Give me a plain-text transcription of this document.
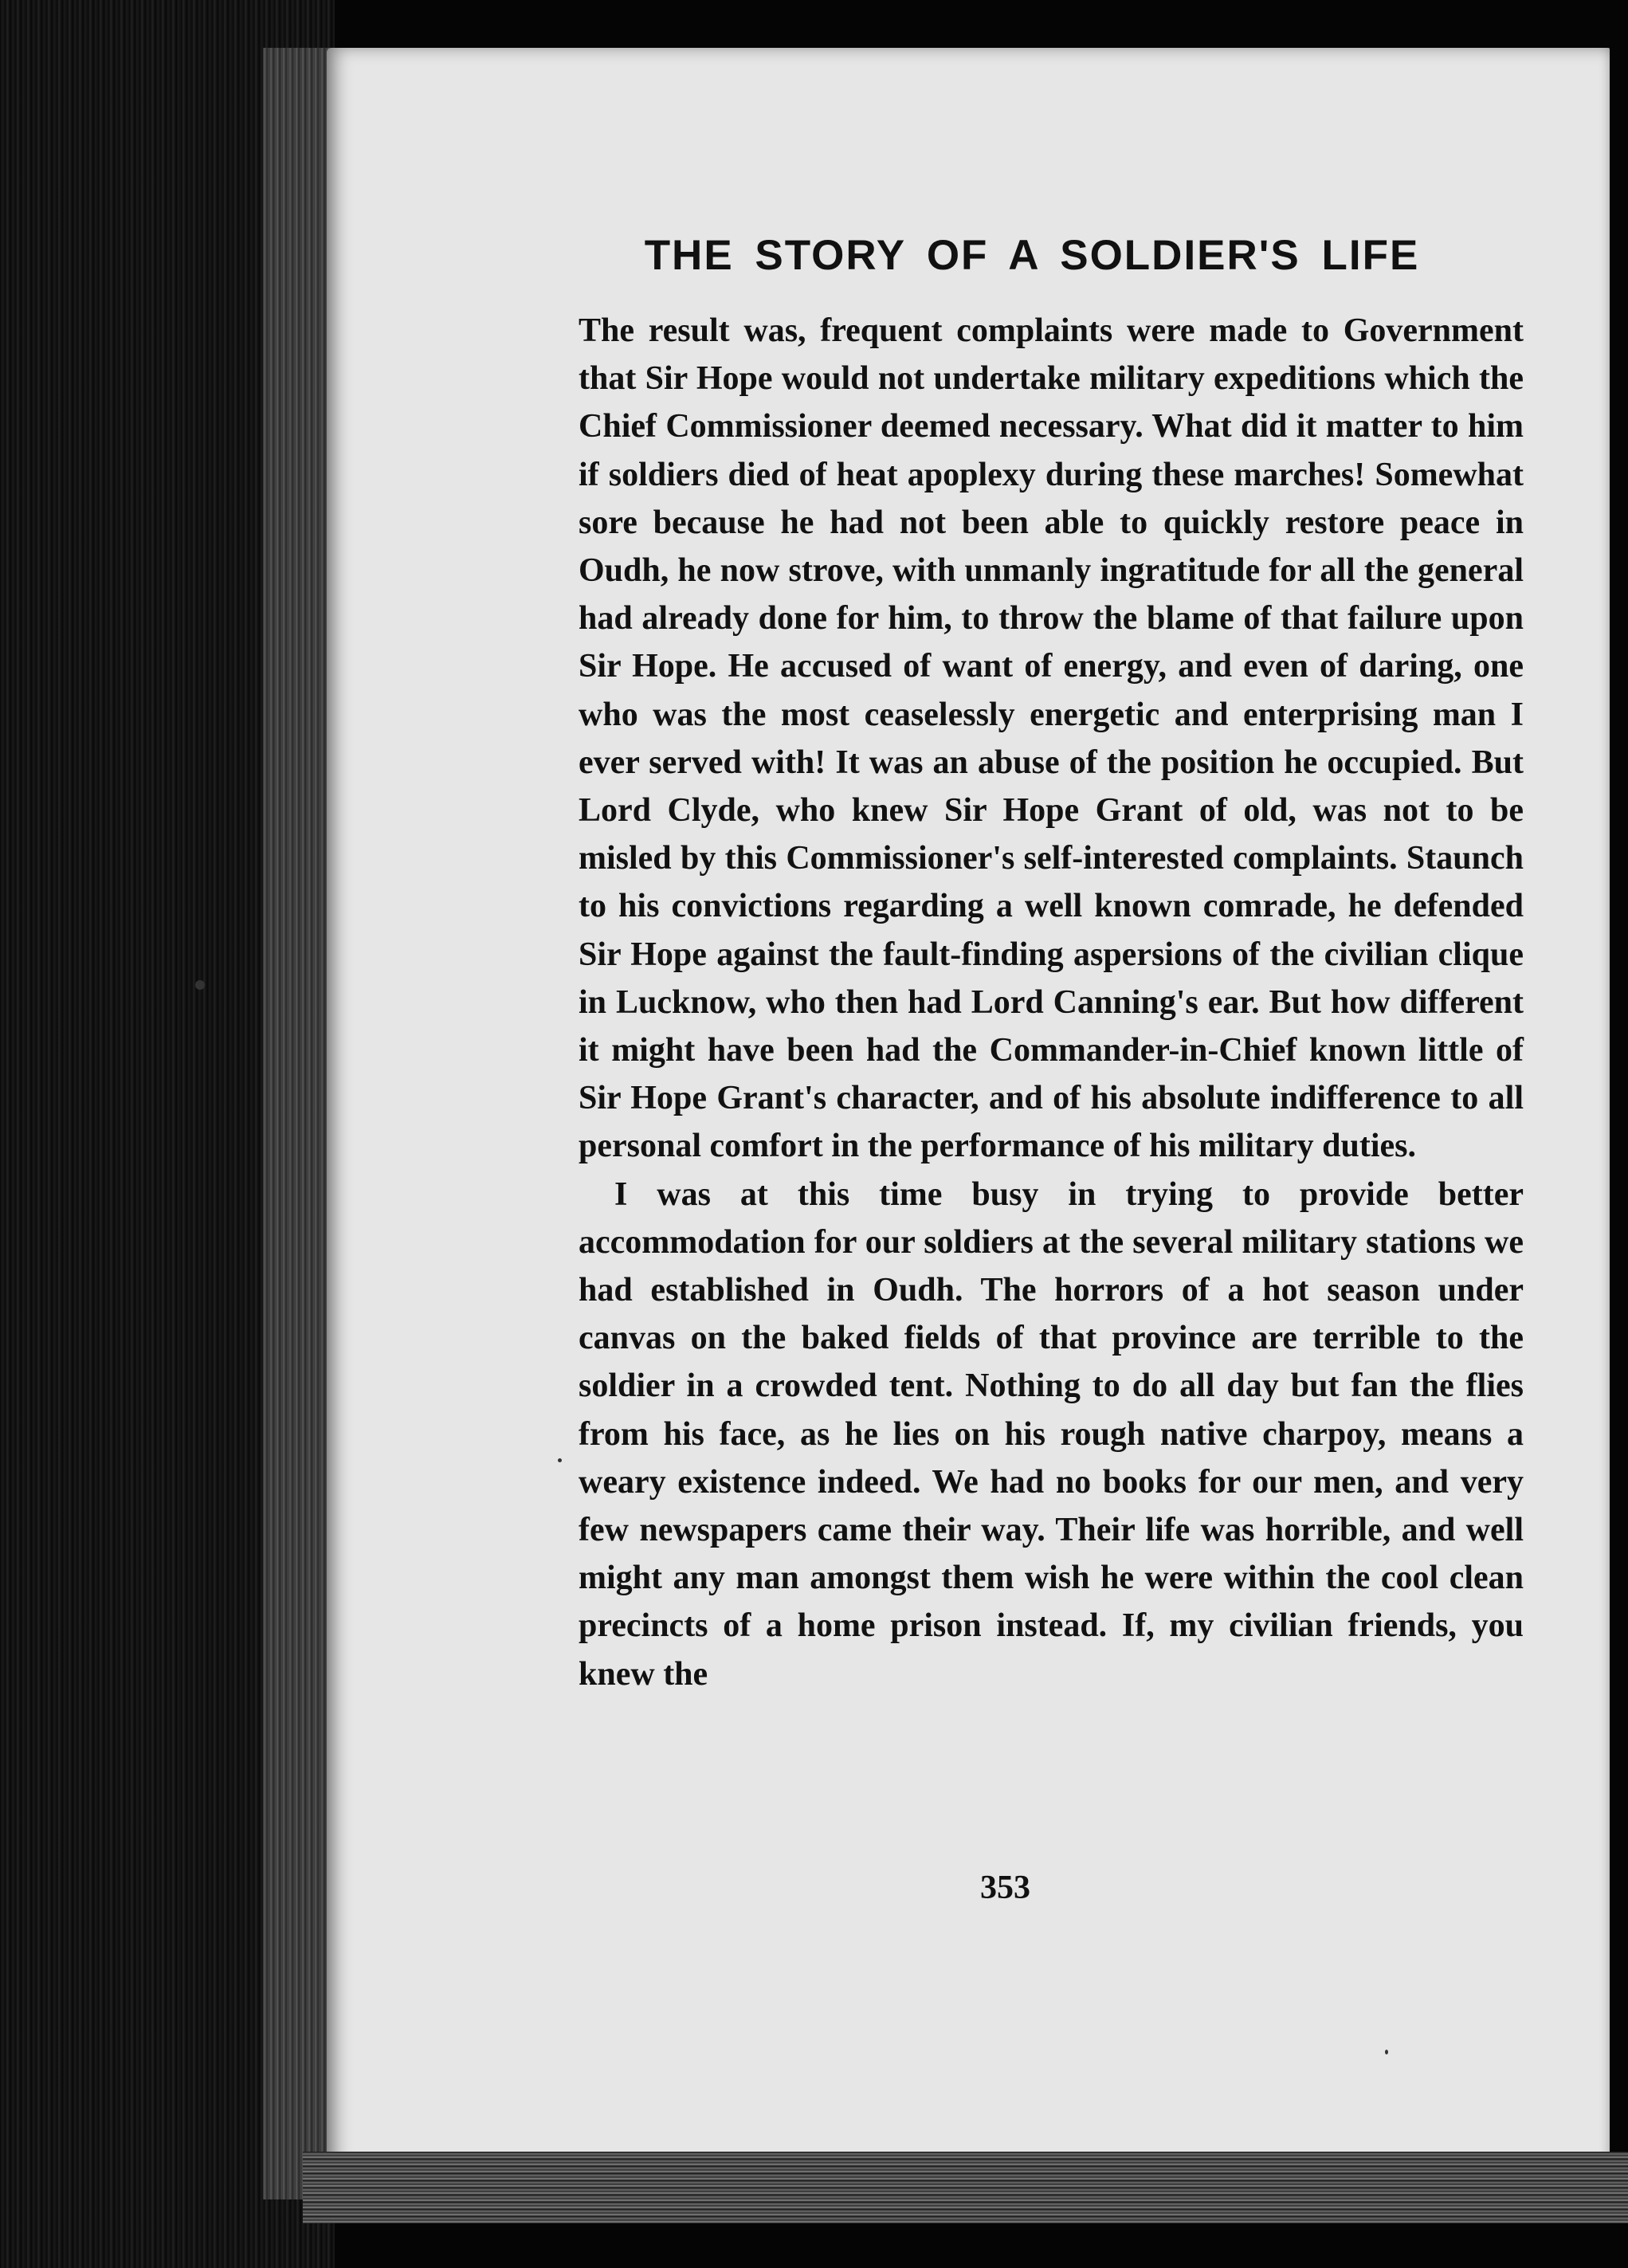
THE STORY OF A SOLDIER'S LIFE

The result was, frequent complaints were made to Government that Sir Hope would not undertake military expeditions which the Chief Commissioner deemed necessary. What did it matter to him if soldiers died of heat apoplexy during these marches! Somewhat sore because he had not been able to quickly restore peace in Oudh, he now strove, with unmanly ingratitude for all the general had already done for him, to throw the blame of that failure upon Sir Hope. He accused of want of energy, and even of daring, one who was the most ceaselessly energetic and enterprising man I ever served with! It was an abuse of the position he occupied. But Lord Clyde, who knew Sir Hope Grant of old, was not to be misled by this Commissioner's self-interested complaints. Staunch to his convictions regarding a well known comrade, he defended Sir Hope against the fault-finding aspersions of the civilian clique in Lucknow, who then had Lord Canning's ear. But how different it might have been had the Commander-in-Chief known little of Sir Hope Grant's character, and of his absolute indifference to all personal comfort in the performance of his military duties.

I was at this time busy in trying to provide better accommodation for our soldiers at the several military stations we had established in Oudh. The horrors of a hot season under canvas on the baked fields of that province are terrible to the soldier in a crowded tent. Nothing to do all day but fan the flies from his face, as he lies on his rough native charpoy, means a weary existence indeed. We had no books for our men, and very few newspapers came their way. Their life was horrible, and well might any man amongst them wish he were within the cool clean precincts of a home prison instead. If, my civilian friends, you knew the

353
